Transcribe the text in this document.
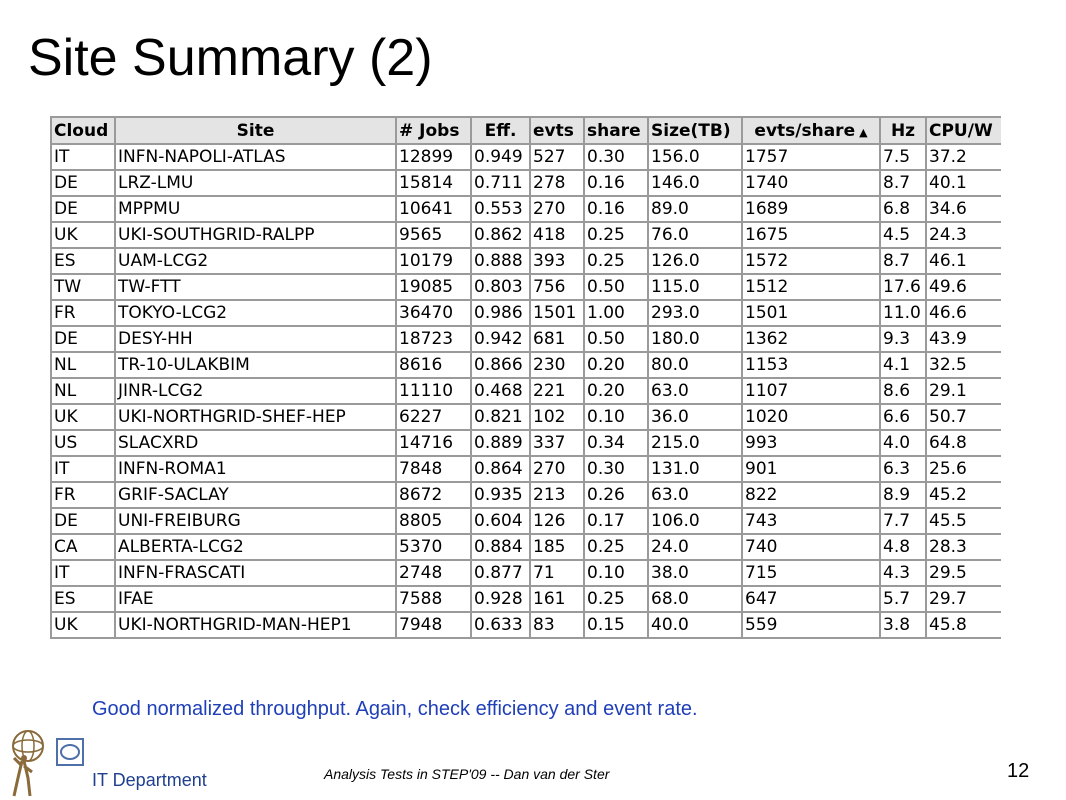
Site Summary (2)
Cloud	Site	# Jobs	Eff.	evts	share	Size(TB)	evts/share ▲	Hz	CPU/W
IT	INFN-NAPOLI-ATLAS	12899	0.949	527	0.30	156.0	1757	7.5	37.2
DE	LRZ-LMU	15814	0.711	278	0.16	146.0	1740	8.7	40.1
DE	MPPMU	10641	0.553	270	0.16	89.0	1689	6.8	34.6
UK	UKI-SOUTHGRID-RALPP	9565	0.862	418	0.25	76.0	1675	4.5	24.3
ES	UAM-LCG2	10179	0.888	393	0.25	126.0	1572	8.7	46.1
TW	TW-FTT	19085	0.803	756	0.50	115.0	1512	17.6	49.6
FR	TOKYO-LCG2	36470	0.986	1501	1.00	293.0	1501	11.0	46.6
DE	DESY-HH	18723	0.942	681	0.50	180.0	1362	9.3	43.9
NL	TR-10-ULAKBIM	8616	0.866	230	0.20	80.0	1153	4.1	32.5
NL	JINR-LCG2	11110	0.468	221	0.20	63.0	1107	8.6	29.1
UK	UKI-NORTHGRID-SHEF-HEP	6227	0.821	102	0.10	36.0	1020	6.6	50.7
US	SLACXRD	14716	0.889	337	0.34	215.0	993	4.0	64.8
IT	INFN-ROMA1	7848	0.864	270	0.30	131.0	901	6.3	25.6
FR	GRIF-SACLAY	8672	0.935	213	0.26	63.0	822	8.9	45.2
DE	UNI-FREIBURG	8805	0.604	126	0.17	106.0	743	7.7	45.5
CA	ALBERTA-LCG2	5370	0.884	185	0.25	24.0	740	4.8	28.3
IT	INFN-FRASCATI	2748	0.877	71	0.10	38.0	715	4.3	29.5
ES	IFAE	7588	0.928	161	0.25	68.0	647	5.7	29.7
UK	UKI-NORTHGRID-MAN-HEP1	7948	0.633	83	0.15	40.0	559	3.8	45.8
Good normalized throughput. Again, check efficiency and event rate.
IT Department	Analysis Tests in STEP'09 -- Dan van der Ster	12
